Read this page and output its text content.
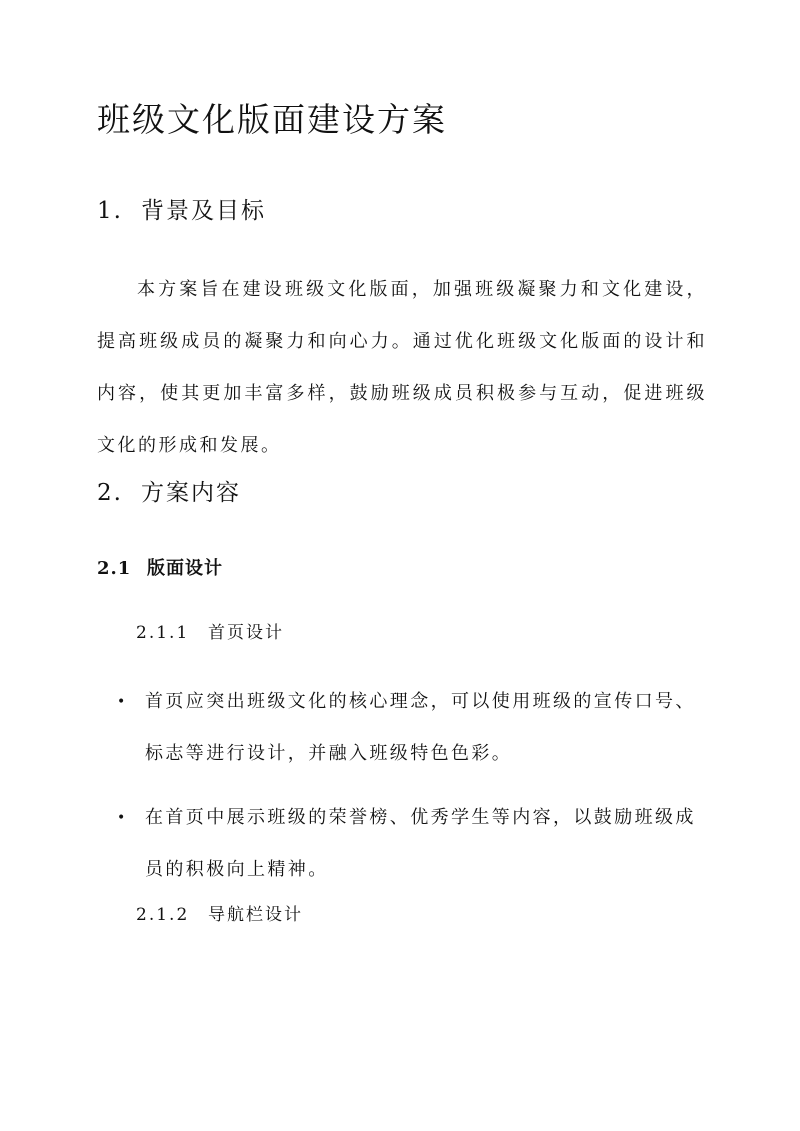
班级文化版面建设方案
1. 背景及目标

本方案旨在建设班级文化版面，加强班级凝聚力和文化建设，提高班级成员的凝聚力和向心力。通过优化班级文化版面的设计和内容，使其更加丰富多样，鼓励班级成员积极参与互动，促进班级文化的形成和发展。

2. 方案内容
2.1 版面设计
2.1.1 首页设计
• 首页应突出班级文化的核心理念，可以使用班级的宣传口号、标志等进行设计，并融入班级特色色彩。
• 在首页中展示班级的荣誉榜、优秀学生等内容，以鼓励班级成员的积极向上精神。
2.1.2 导航栏设计
